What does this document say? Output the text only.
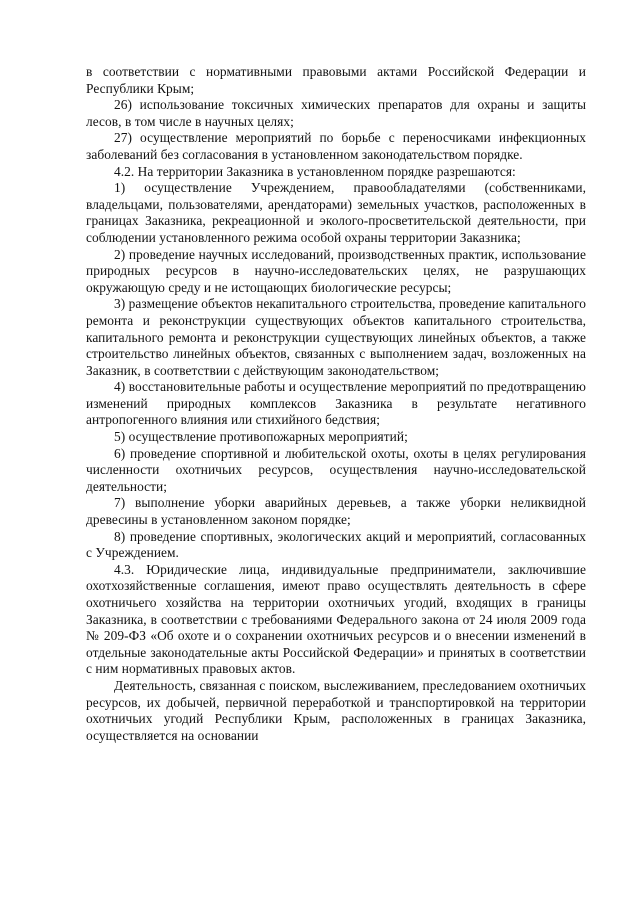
в соответствии с нормативными правовыми актами Российской Федерации и Республики Крым;

26) использование токсичных химических препаратов для охраны и защиты лесов, в том числе в научных целях;

27) осуществление мероприятий по борьбе с переносчиками инфекционных заболеваний без согласования в установленном законодательством порядке.

4.2. На территории Заказника в установленном порядке разрешаются:

1) осуществление Учреждением, правообладателями (собственниками, владельцами, пользователями, арендаторами) земельных участков, расположенных в границах Заказника, рекреационной и эколого-просветительской деятельности, при соблюдении установленного режима особой охраны территории Заказника;

2) проведение научных исследований, производственных практик, использование природных ресурсов в научно-исследовательских целях, не разрушающих окружающую среду и не истощающих биологические ресурсы;

3) размещение объектов некапитального строительства, проведение капитального ремонта и реконструкции существующих объектов капитального строительства, капитального ремонта и реконструкции существующих линейных объектов, а также строительство линейных объектов, связанных с выполнением задач, возложенных на Заказник, в соответствии с действующим законодательством;

4) восстановительные работы и осуществление мероприятий по предотвращению изменений природных комплексов Заказника в результате негативного антропогенного влияния или стихийного бедствия;

5) осуществление противопожарных мероприятий;

6) проведение спортивной и любительской охоты, охоты в целях регулирования численности охотничьих ресурсов, осуществления научно-исследовательской деятельности;

7) выполнение уборки аварийных деревьев, а также уборки неликвидной древесины в установленном законом порядке;

8) проведение спортивных, экологических акций и мероприятий, согласованных с Учреждением.

4.3. Юридические лица, индивидуальные предприниматели, заключившие охотхозяйственные соглашения, имеют право осуществлять деятельность в сфере охотничьего хозяйства на территории охотничьих угодий, входящих в границы Заказника, в соответствии с требованиями Федерального закона от 24 июля 2009 года № 209-ФЗ «Об охоте и о сохранении охотничьих ресурсов и о внесении изменений в отдельные законодательные акты Российской Федерации» и принятых в соответствии с ним нормативных правовых актов.

Деятельность, связанная с поиском, выслеживанием, преследованием охотничьих ресурсов, их добычей, первичной переработкой и транспортировкой на территории охотничьих угодий Республики Крым, расположенных в границах Заказника, осуществляется на основании
